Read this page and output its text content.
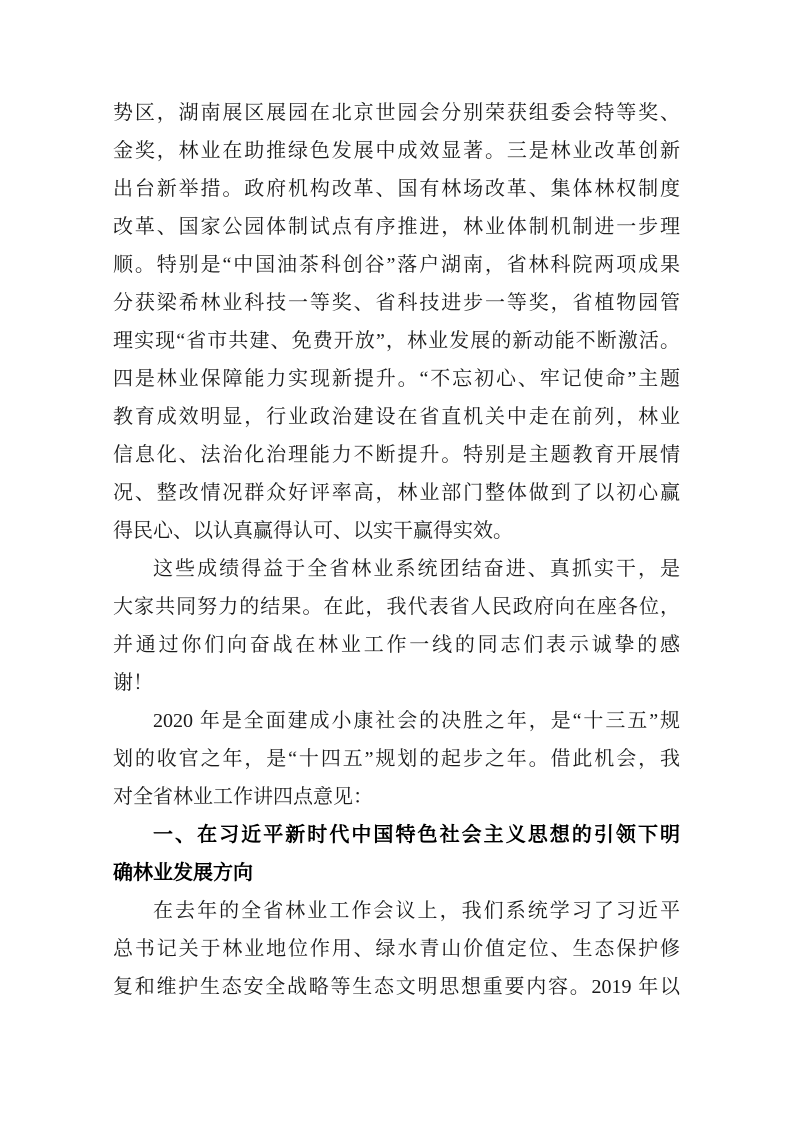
势区，湖南展区展园在北京世园会分别荣获组委会特等奖、
金奖，林业在助推绿色发展中成效显著。三是林业改革创新
出台新举措。政府机构改革、国有林场改革、集体林权制度
改革、国家公园体制试点有序推进，林业体制机制进一步理
顺。特别是“中国油茶科创谷”落户湖南，省林科院两项成果
分获梁希林业科技一等奖、省科技进步一等奖，省植物园管
理实现“省市共建、免费开放”，林业发展的新动能不断激活。
四是林业保障能力实现新提升。“不忘初心、牢记使命”主题
教育成效明显，行业政治建设在省直机关中走在前列，林业
信息化、法治化治理能力不断提升。特别是主题教育开展情
况、整改情况群众好评率高，林业部门整体做到了以初心赢
得民心、以认真赢得认可、以实干赢得实效。
这些成绩得益于全省林业系统团结奋进、真抓实干，是
大家共同努力的结果。在此，我代表省人民政府向在座各位，
并通过你们向奋战在林业工作一线的同志们表示诚挚的感
谢！
2020 年是全面建成小康社会的决胜之年，是“十三五”规
划的收官之年，是“十四五”规划的起步之年。借此机会，我
对全省林业工作讲四点意见：
一、在习近平新时代中国特色社会主义思想的引领下明
确林业发展方向
在去年的全省林业工作会议上，我们系统学习了习近平
总书记关于林业地位作用、绿水青山价值定位、生态保护修
复和维护生态安全战略等生态文明思想重要内容。2019 年以
